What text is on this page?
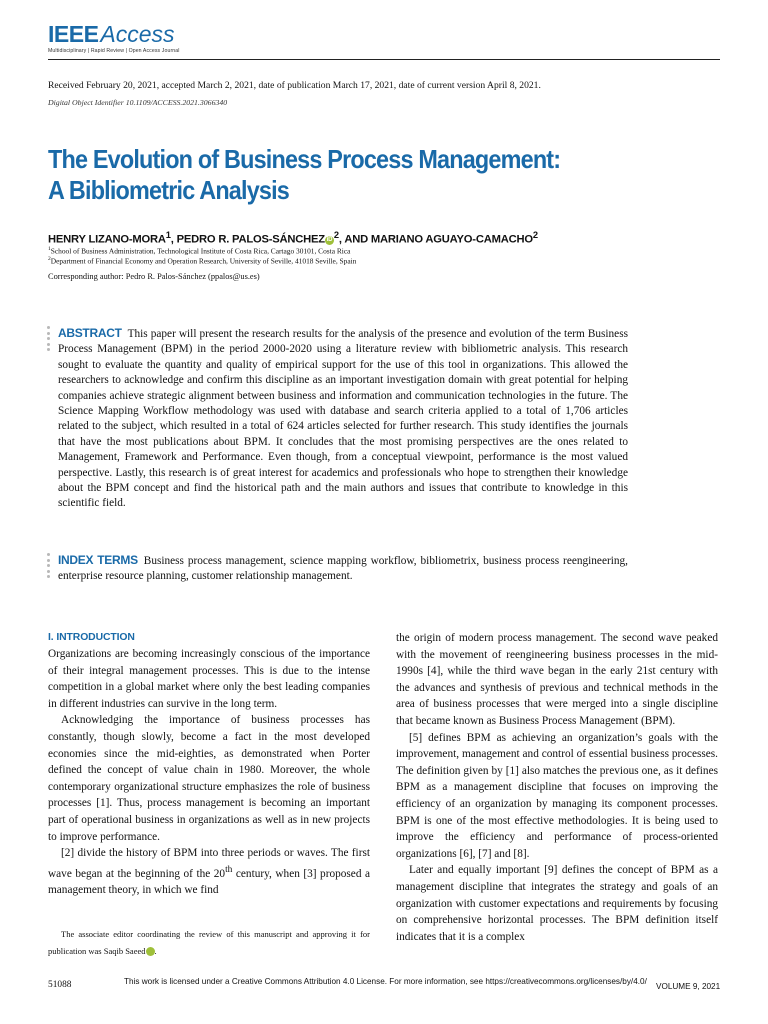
IEEEAccess
Multidisciplinary | Rapid Review | Open Access Journal
Received February 20, 2021, accepted March 2, 2021, date of publication March 17, 2021, date of current version April 8, 2021.
Digital Object Identifier 10.1109/ACCESS.2021.3066340
The Evolution of Business Process Management:
A Bibliometric Analysis
HENRY LIZANO-MORA$^1$, PEDRO R. PALOS-SÁNCHEZ iD $^2$, AND MARIANO AGUAYO-CAMACHO$^2$
$^1$School of Business Administration, Technological Institute of Costa Rica, Cartago 30101, Costa Rica
$^2$Department of Financial Economy and Operation Research, University of Seville, 41018 Seville, Spain
Corresponding author: Pedro R. Palos-Sánchez (ppalos@us.es)
ABSTRACT This paper will present the research results for the analysis of the presence and evolution of the term Business Process Management (BPM) in the period 2000-2020 using a literature review with bibliometric analysis. This research sought to evaluate the quantity and quality of empirical support for the use of this tool in organizations. This allowed the researchers to acknowledge and confirm this discipline as an important investigation domain with great potential for helping companies achieve strategic alignment between business and information and communication technologies in the future. The Science Mapping Workflow methodology was used with database and search criteria applied to a total of 1,706 articles related to the subject, which resulted in a total of 624 articles selected for further research. This study identifies the journals that have the most publications about BPM. It concludes that the most promising perspectives are the ones related to Management, Framework and Performance. Even though, from a conceptual viewpoint, performance is the most valued perspective. Lastly, this research is of great interest for academics and professionals who hope to strengthen their knowledge about the BPM concept and find the historical path and the main authors and issues that contribute to knowledge in this scientific field.
INDEX TERMS Business process management, science mapping workflow, bibliometrix, business process reengineering, enterprise resource planning, customer relationship management.
I. INTRODUCTION

Organizations are becoming increasingly conscious of the importance of their integral management processes. This is due to the intense competition in a global market where only the best leading companies in different industries can survive in the long term.

Acknowledging the importance of business processes has constantly, though slowly, become a fact in the most developed economies since the mid-eighties, as demonstrated when Porter defined the concept of value chain in 1980. Moreover, the whole contemporary organizational structure emphasizes the role of business processes [1]. Thus, process management is becoming an important part of operational business in organizations as well as in new projects to improve performance.

[2] divide the history of BPM into three periods or waves. The first wave began at the beginning of the 20th century, when [3] proposed a management theory, in which we find

the origin of modern process management. The second wave peaked with the movement of reengineering business processes in the mid-1990s [4], while the third wave began in the early 21st century with the advances and synthesis of previous and technical methods in the area of business processes that were merged into a single discipline that became known as Business Process Management (BPM).

[5] defines BPM as achieving an organization’s goals with the improvement, management and control of essential business processes. The definition given by [1] also matches the previous one, as it defines BPM as a management discipline that focuses on improving the efficiency of an organization by managing its component processes. BPM is one of the most effective methodologies. It is being used to improve the efficiency and performance of process-oriented organizations [6], [7] and [8].

Later and equally important [9] defines the concept of BPM as a management discipline that integrates the strategy and goals of an organization with customer expectations and requirements by focusing on comprehensive horizontal processes. The BPM definition itself indicates that it is a complex

The associate editor coordinating the review of this manuscript and approving it for publication was Saqib Saeed iD.
51088	This work is licensed under a Creative Commons Attribution 4.0 License. For more information, see https://creativecommons.org/licenses/by/4.0/
VOLUME 9, 2021
